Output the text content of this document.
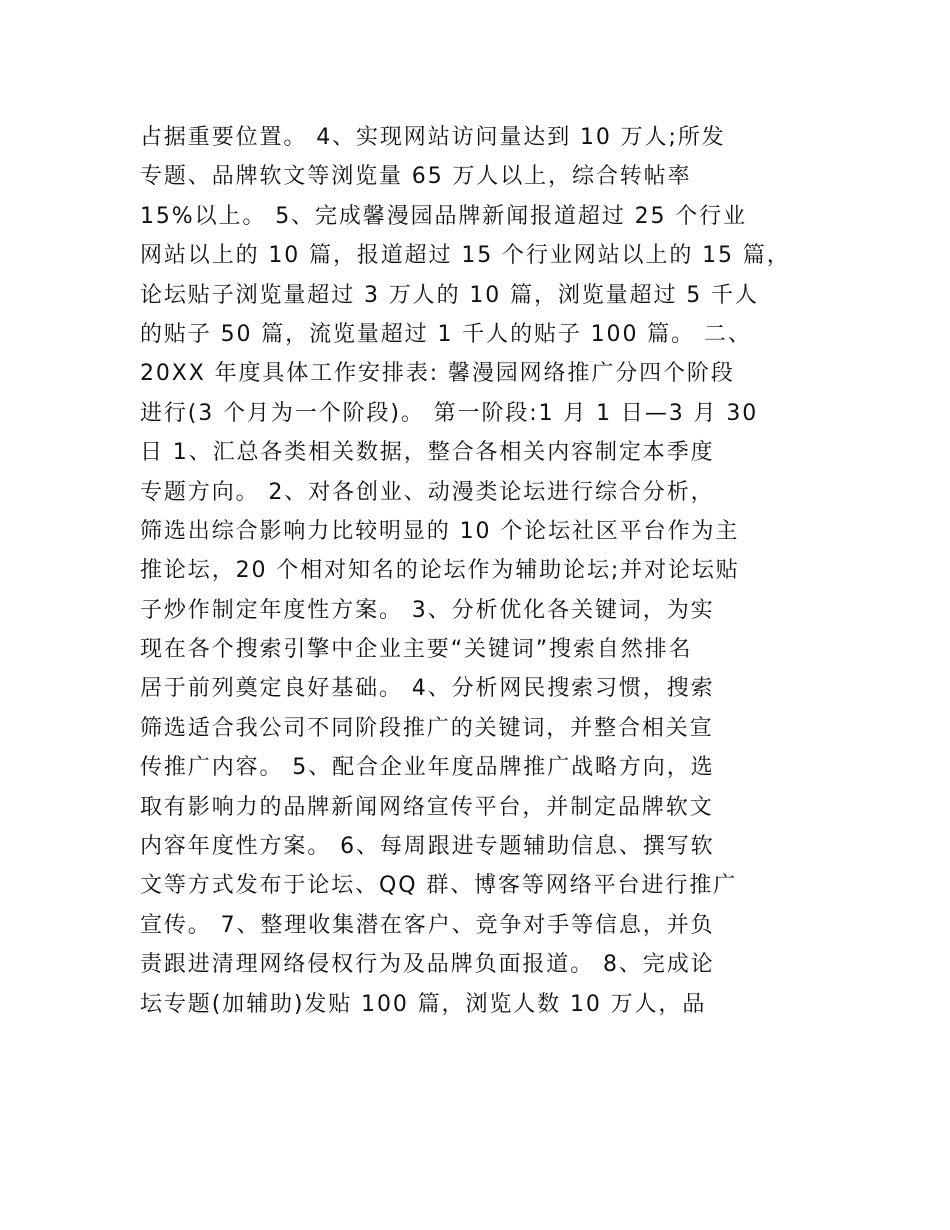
占据重要位置。 4、实现网站访问量达到 10 万人;所发
专题、品牌软文等浏览量 65 万人以上，综合转帖率
15%以上。 5、完成馨漫园品牌新闻报道超过 25 个行业
网站以上的 10 篇，报道超过 15 个行业网站以上的 15 篇，
论坛贴子浏览量超过 3 万人的 10 篇，浏览量超过 5 千人
的贴子 50 篇，流览量超过 1 千人的贴子 100 篇。 二、
20XX 年度具体工作安排表: 馨漫园网络推广分四个阶段
进行(3 个月为一个阶段)。 第一阶段:1 月 1 日—3 月 30
日 1、汇总各类相关数据，整合各相关内容制定本季度
专题方向。 2、对各创业、动漫类论坛进行综合分析，
筛选出综合影响力比较明显的 10 个论坛社区平台作为主
推论坛，20 个相对知名的论坛作为辅助论坛;并对论坛贴
子炒作制定年度性方案。 3、分析优化各关键词，为实
现在各个搜索引擎中企业主要“关键词”搜索自然排名
居于前列奠定良好基础。 4、分析网民搜索习惯，搜索
筛选适合我公司不同阶段推广的关键词，并整合相关宣
传推广内容。 5、配合企业年度品牌推广战略方向，选
取有影响力的品牌新闻网络宣传平台，并制定品牌软文
内容年度性方案。 6、每周跟进专题辅助信息、撰写软
文等方式发布于论坛、QQ 群、博客等网络平台进行推广
宣传。 7、整理收集潜在客户、竞争对手等信息，并负
责跟进清理网络侵权行为及品牌负面报道。 8、完成论
坛专题(加辅助)发贴 100 篇，浏览人数 10 万人，品
